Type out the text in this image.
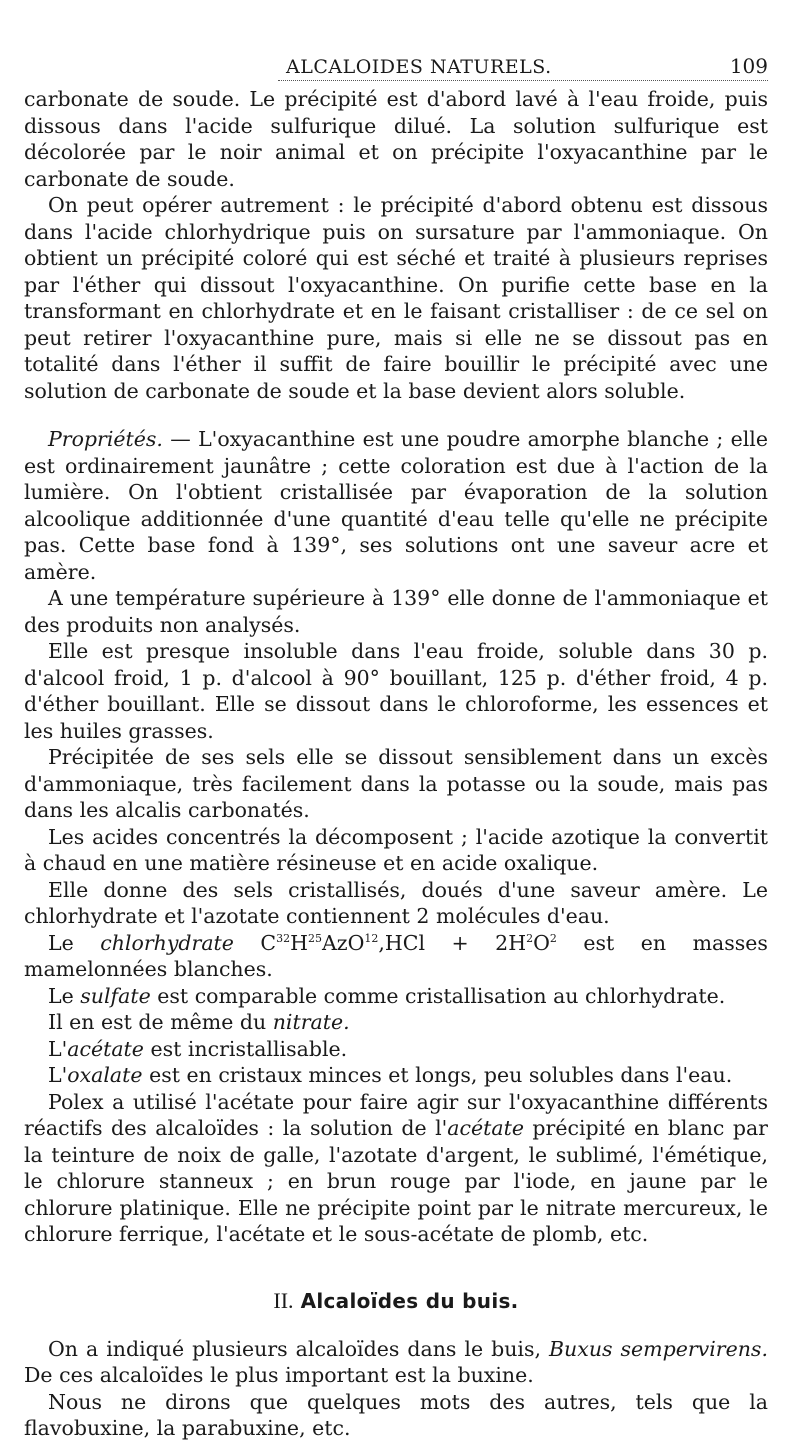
ALCALOIDES NATURELS.	109

carbonate de soude. Le précipité est d'abord lavé à l'eau froide, puis dissous dans l'acide sulfurique dilué. La solution sulfurique est décolorée par le noir animal et on précipite l'oxyacanthine par le carbonate de soude.

On peut opérer autrement : le précipité d'abord obtenu est dissous dans l'acide chlorhydrique puis on sursature par l'ammoniaque. On obtient un précipité coloré qui est séché et traité à plusieurs reprises par l'éther qui dissout l'oxyacanthine. On purifie cette base en la transformant en chlorhydrate et en le faisant cristalliser : de ce sel on peut retirer l'oxyacanthine pure, mais si elle ne se dissout pas en totalité dans l'éther il suffit de faire bouillir le précipité avec une solution de carbonate de soude et la base devient alors soluble.

Propriétés. — L'oxyacanthine est une poudre amorphe blanche ; elle est ordinairement jaunâtre ; cette coloration est due à l'action de la lumière. On l'obtient cristallisée par évaporation de la solution alcoolique additionnée d'une quantité d'eau telle qu'elle ne précipite pas. Cette base fond à 139°, ses solutions ont une saveur acre et amère.

A une température supérieure à 139° elle donne de l'ammoniaque et des produits non analysés.

Elle est presque insoluble dans l'eau froide, soluble dans 30 p. d'alcool froid, 1 p. d'alcool à 90° bouillant, 125 p. d'éther froid, 4 p. d'éther bouillant. Elle se dissout dans le chloroforme, les essences et les huiles grasses.

Précipitée de ses sels elle se dissout sensiblement dans un excès d'ammoniaque, très facilement dans la potasse ou la soude, mais pas dans les alcalis carbonatés.

Les acides concentrés la décomposent ; l'acide azotique la convertit à chaud en une matière résineuse et en acide oxalique.

Elle donne des sels cristallisés, doués d'une saveur amère. Le chlorhydrate et l'azotate contiennent 2 molécules d'eau.

Le chlorhydrate $C^{32}H^{25}AzO^{12},HCl + 2H^2O^2$ est en masses mamelonnées blanches.

Le sulfate est comparable comme cristallisation au chlorhydrate.

Il en est de même du nitrate.

L'acétate est incristallisable.

L'oxalate est en cristaux minces et longs, peu solubles dans l'eau.

Polex a utilisé l'acétate pour faire agir sur l'oxyacanthine différents réactifs des alcaloïdes : la solution de l'acétate précipité en blanc par la teinture de noix de galle, l'azotate d'argent, le sublimé, l'émétique, le chlorure stanneux ; en brun rouge par l'iode, en jaune par le chlorure platinique. Elle ne précipite point par le nitrate mercureux, le chlorure ferrique, l'acétate et le sous-acétate de plomb, etc.

II. Alcaloïdes du buis.

On a indiqué plusieurs alcaloïdes dans le buis, Buxus sempervirens. De ces alcaloïdes le plus important est la buxine.

Nous ne dirons que quelques mots des autres, tels que la flavobuxine, la parabuxine, etc.
